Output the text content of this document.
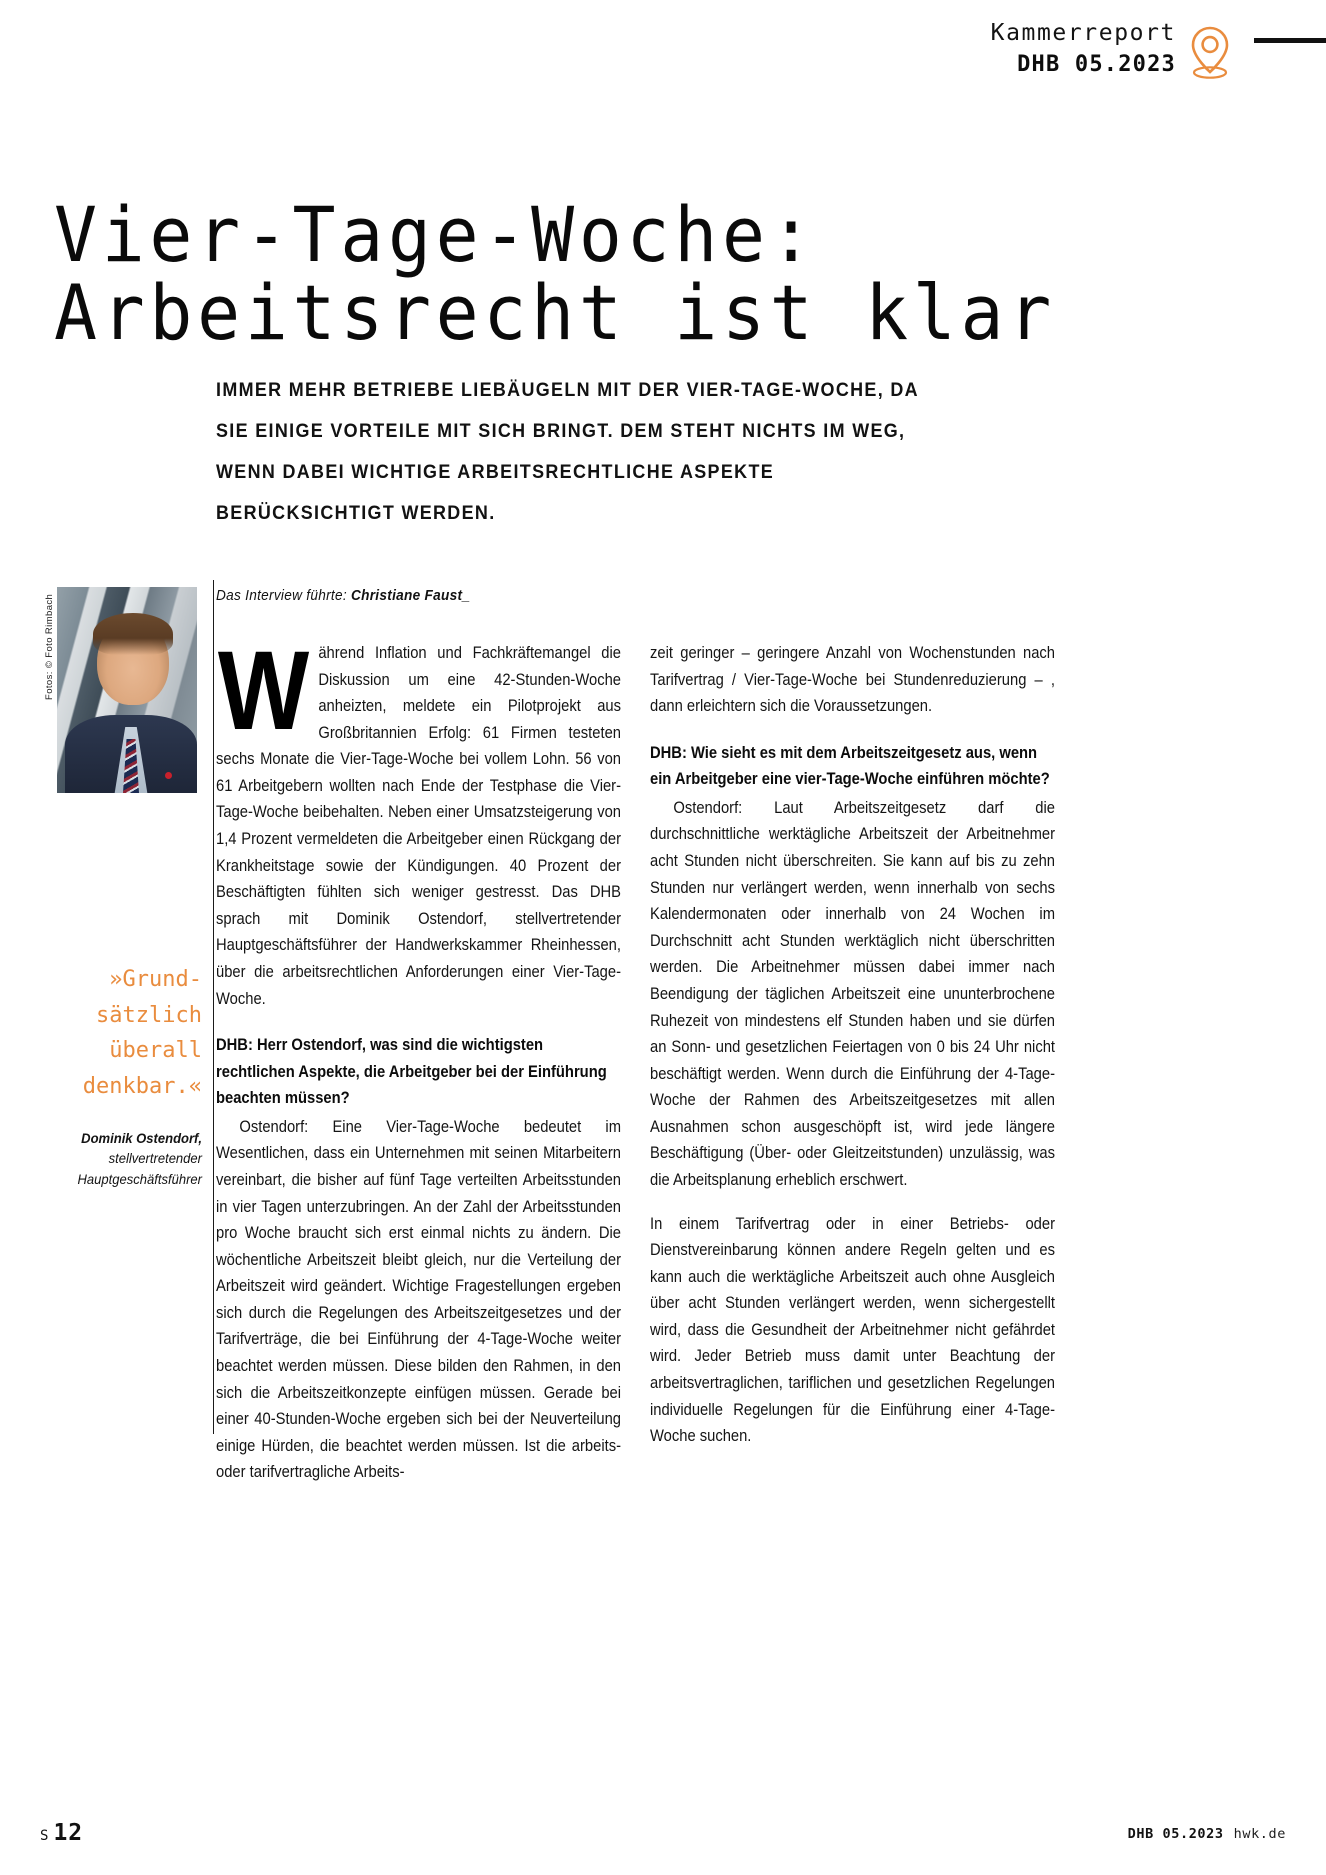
Kammerreport
DHB 05.2023
Vier-Tage-Woche:
Arbeitsrecht ist klar
IMMER MEHR BETRIEBE LIEBÄUGELN MIT DER VIER-TAGE-WOCHE, DA SIE EINIGE VORTEILE MIT SICH BRINGT. DEM STEHT NICHTS IM WEG, WENN DABEI WICHTIGE ARBEITSRECHTLICHE ASPEKTE BERÜCKSICHTIGT WERDEN.
Fotos: © Foto Rimbach
»Grund-
sätzlich
überall
denkbar.«
Dominik Ostendorf,
stellvertretender
Hauptgeschäftsführer
Das Interview führte: Christiane Faust_
W ährend Inflation und Fachkräftemangel die Diskussion um eine 42-Stunden-Woche anheizten, meldete ein Pilotprojekt aus Großbritannien Erfolg: 61 Firmen testeten sechs Monate die Vier-Tage-Woche bei vollem Lohn. 56 von 61 Arbeitgebern wollten nach Ende der Testphase die Vier-Tage-Woche beibehalten. Neben einer Umsatzsteigerung von 1,4 Prozent vermeldeten die Arbeitgeber einen Rückgang der Krankheitstage sowie der Kündigungen. 40 Prozent der Beschäftigten fühlten sich weniger gestresst. Das DHB sprach mit Dominik Ostendorf, stellvertretender Hauptgeschäftsführer der Handwerkskammer Rheinhessen, über die arbeitsrechtlichen Anforderungen einer Vier-Tage-Woche.
DHB: Herr Ostendorf, was sind die wichtigsten rechtlichen Aspekte, die Arbeitgeber bei der Einführung beachten müssen?
Ostendorf: Eine Vier-Tage-Woche bedeutet im Wesentlichen, dass ein Unternehmen mit seinen Mitarbeitern vereinbart, die bisher auf fünf Tage verteilten Arbeitsstunden in vier Tagen unterzubringen. An der Zahl der Arbeitsstunden pro Woche braucht sich erst einmal nichts zu ändern. Die wöchentliche Arbeitszeit bleibt gleich, nur die Verteilung der Arbeitszeit wird geändert. Wichtige Fragestellungen ergeben sich durch die Regelungen des Arbeitszeitgesetzes und der Tarifverträge, die bei Einführung der 4-Tage-Woche weiter beachtet werden müssen. Diese bilden den Rahmen, in den sich die Arbeitszeitkonzepte einfügen müssen. Gerade bei einer 40-Stunden-Woche ergeben sich bei der Neuverteilung einige Hürden, die beachtet werden müssen. Ist die arbeits- oder tarifvertragliche Arbeits-
zeit geringer – geringere Anzahl von Wochenstunden nach Tarifvertrag / Vier-Tage-Woche bei Stundenreduzierung – , dann erleichtern sich die Voraussetzungen.
DHB: Wie sieht es mit dem Arbeitszeitgesetz aus, wenn ein Arbeitgeber eine vier-Tage-Woche einführen möchte?
Ostendorf: Laut Arbeitszeitgesetz darf die durchschnittliche werktägliche Arbeitszeit der Arbeitnehmer acht Stunden nicht überschreiten. Sie kann auf bis zu zehn Stunden nur verlängert werden, wenn innerhalb von sechs Kalendermonaten oder innerhalb von 24 Wochen im Durchschnitt acht Stunden werktäglich nicht überschritten werden. Die Arbeitnehmer müssen dabei immer nach Beendigung der täglichen Arbeitszeit eine ununterbrochene Ruhezeit von mindestens elf Stunden haben und sie dürfen an Sonn- und gesetzlichen Feiertagen von 0 bis 24 Uhr nicht beschäftigt werden. Wenn durch die Einführung der 4-Tage-Woche der Rahmen des Arbeitszeitgesetzes mit allen Ausnahmen schon ausgeschöpft ist, wird jede längere Beschäftigung (Über- oder Gleitzeitstunden) unzulässig, was die Arbeitsplanung erheblich erschwert.
In einem Tarifvertrag oder in einer Betriebs- oder Dienstvereinbarung können andere Regeln gelten und es kann auch die werktägliche Arbeitszeit auch ohne Ausgleich über acht Stunden verlängert werden, wenn sichergestellt wird, dass die Gesundheit der Arbeitnehmer nicht gefährdet wird. Jeder Betrieb muss damit unter Beachtung der arbeitsvertraglichen, tariflichen und gesetzlichen Regelungen individuelle Regelungen für die Einführung einer 4-Tage-Woche suchen.
S 12	DHB 05.2023 hwk.de
